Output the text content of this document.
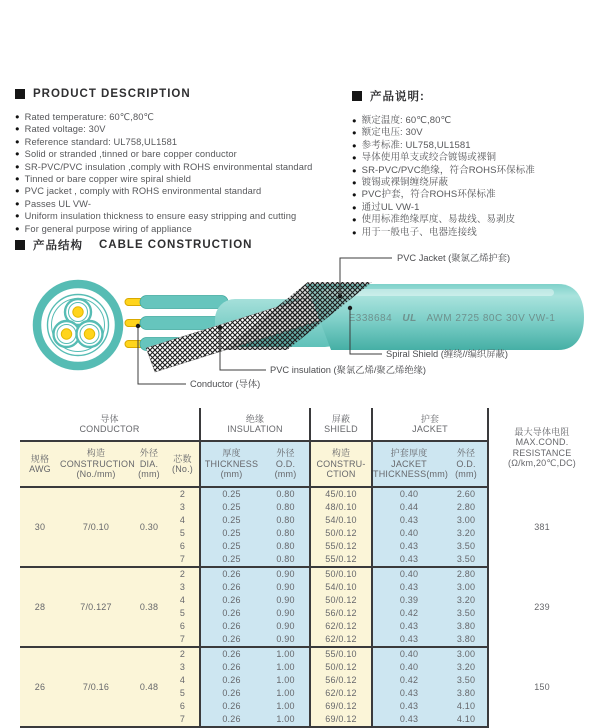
PRODUCT DESCRIPTION
● Rated temperature: 60℃,80℃
● Rated voltage: 30V
● Reference standard: UL758,UL1581
● Solid or stranded ,tinned or bare copper conductor
● SR-PVC/PVC insulation ,comply with ROHS environmental standard
● Tinned or bare copper wire spiral shield
● PVC jacket , comply with ROHS environmental standard
● Passes UL VW-
● Uniform insulation thickness to ensure easy stripping and cutting
● For general purpose wiring of appliance
产品说明:
● 额定温度: 60℃,80℃
● 额定电压: 30V
● 参考标准: UL758,UL1581
● 导体使用单支或绞合镀锡或裸铜
● SR-PVC/PVC绝缘，符合ROHS环保标准
● 镀锡或裸铜缠绕屏蔽
● PVC护套，符合ROHS环保标准
● 通过UL VW-1
● 使用标准绝缘厚度、易裁线、易剥皮
● 用于一般电子、电器连接线
产品结构 CABLE CONSTRUCTION
E338684 UL AWM 2725 80C 30V VW-1
PVC Jacket (聚氯乙烯护套)
Spiral Shield (缠绕//编织屏蔽)
PVC insulation (聚氯乙烯/聚乙烯绝缘)
Conductor (导体)
导体
CONDUCTOR				绝缘
INSULATION		屏蔽
SHIELD	护套
JACKET		最大导体电阻
MAX.COND.
RESISTANCE
(Ω/km,20℃,DC)
规格
AWG	构造
CONSTRUCTION
(No./mm)	外径
DIA.
(mm)	芯数
(No.)	厚度
THICKNESS
(mm)	外径
O.D.
(mm)	构造
CONSTRU-
CTION	护套厚度
JACKET
THICKNESS(mm)	外径
O.D.
(mm)	
30	7/0.10	0.30	2	0.25	0.80	45/0.10	0.40	2.60	381
			3	0.25	0.80	48/0.10	0.44	2.80	
			4	0.25	0.80	54/0.10	0.43	3.00	
			5	0.25	0.80	50/0.12	0.40	3.20	
			6	0.25	0.80	55/0.12	0.43	3.50	
			7	0.25	0.80	55/0.12	0.43	3.50	
28	7/0.127	0.38	2	0.26	0.90	50/0.10	0.40	2.80	239
			3	0.26	0.90	54/0.10	0.43	3.00	
			4	0.26	0.90	50/0.12	0.39	3.20	
			5	0.26	0.90	56/0.12	0.42	3.50	
			6	0.26	0.90	62/0.12	0.43	3.80	
			7	0.26	0.90	62/0.12	0.43	3.80	
26	7/0.16	0.48	2	0.26	1.00	55/0.10	0.40	3.00	150
			3	0.26	1.00	50/0.12	0.40	3.20	
			4	0.26	1.00	56/0.12	0.42	3.50	
			5	0.26	1.00	62/0.12	0.43	3.80	
			6	0.26	1.00	69/0.12	0.43	4.10	
			7	0.26	1.00	69/0.12	0.43	4.10	
